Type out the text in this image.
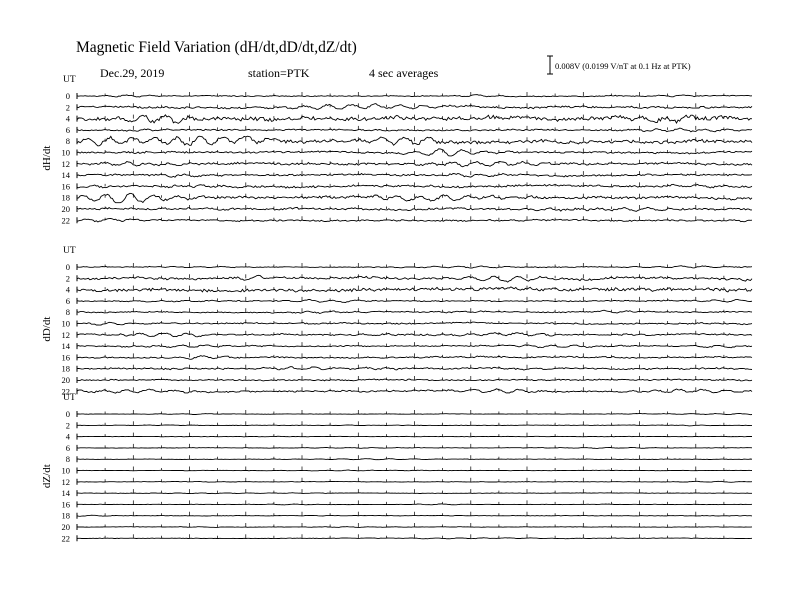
Magnetic Field Variation (dH/dt,dD/dt,dZ/dt)
Dec.29, 2019	station=PTK	4 sec averages	0.008V (0.0199 V/nT at 0.1 Hz at PTK)
UT
dH/dt
0
2
4
6
8
10
12
14
16
18
20
22
UT
dD/dt
0
2
4
6
8
10
12
14
16
18
20
22
UT
dZ/dt
0
2
4
6
8
10
12
14
16
18
20
22
